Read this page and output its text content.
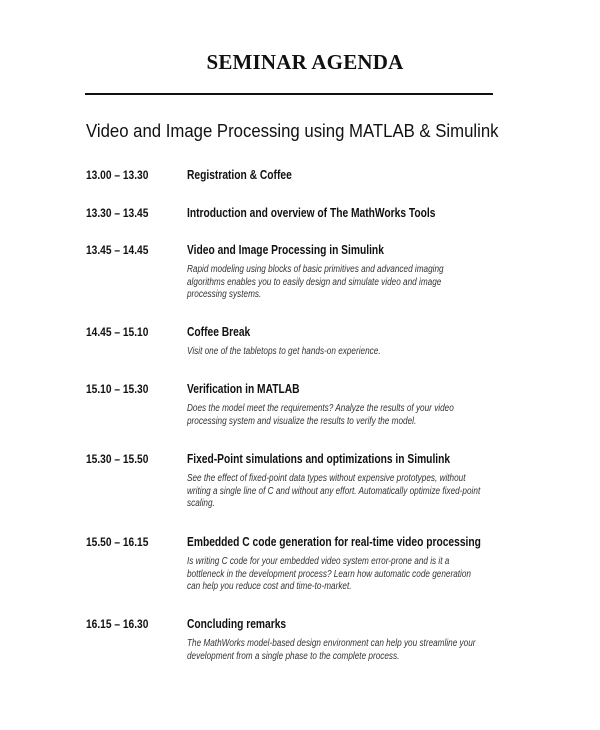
SEMINAR AGENDA
Video and Image Processing using MATLAB & Simulink
13.00 – 13.30	Registration & Coffee
13.30 – 13.45	Introduction and overview of The MathWorks Tools
13.45 – 14.45	Video and Image Processing in Simulink
Rapid modeling using blocks of basic primitives and advanced imaging
algorithms enables you to easily design and simulate video and image
processing systems.
14.45 – 15.10	Coffee Break
Visit one of the tabletops to get hands-on experience.
15.10 – 15.30	Verification in MATLAB
Does the model meet the requirements? Analyze the results of your video
processing system and visualize the results to verify the model.
15.30 – 15.50	Fixed-Point simulations and optimizations in Simulink
See the effect of fixed-point data types without expensive prototypes, without
writing a single line of C and without any effort. Automatically optimize fixed-point
scaling.
15.50 – 16.15	Embedded C code generation for real-time video processing
Is writing C code for your embedded video system error-prone and is it a
bottleneck in the development process? Learn how automatic code generation
can help you reduce cost and time-to-market.
16.15 – 16.30	Concluding remarks
The MathWorks model-based design environment can help you streamline your
development from a single phase to the complete process.
